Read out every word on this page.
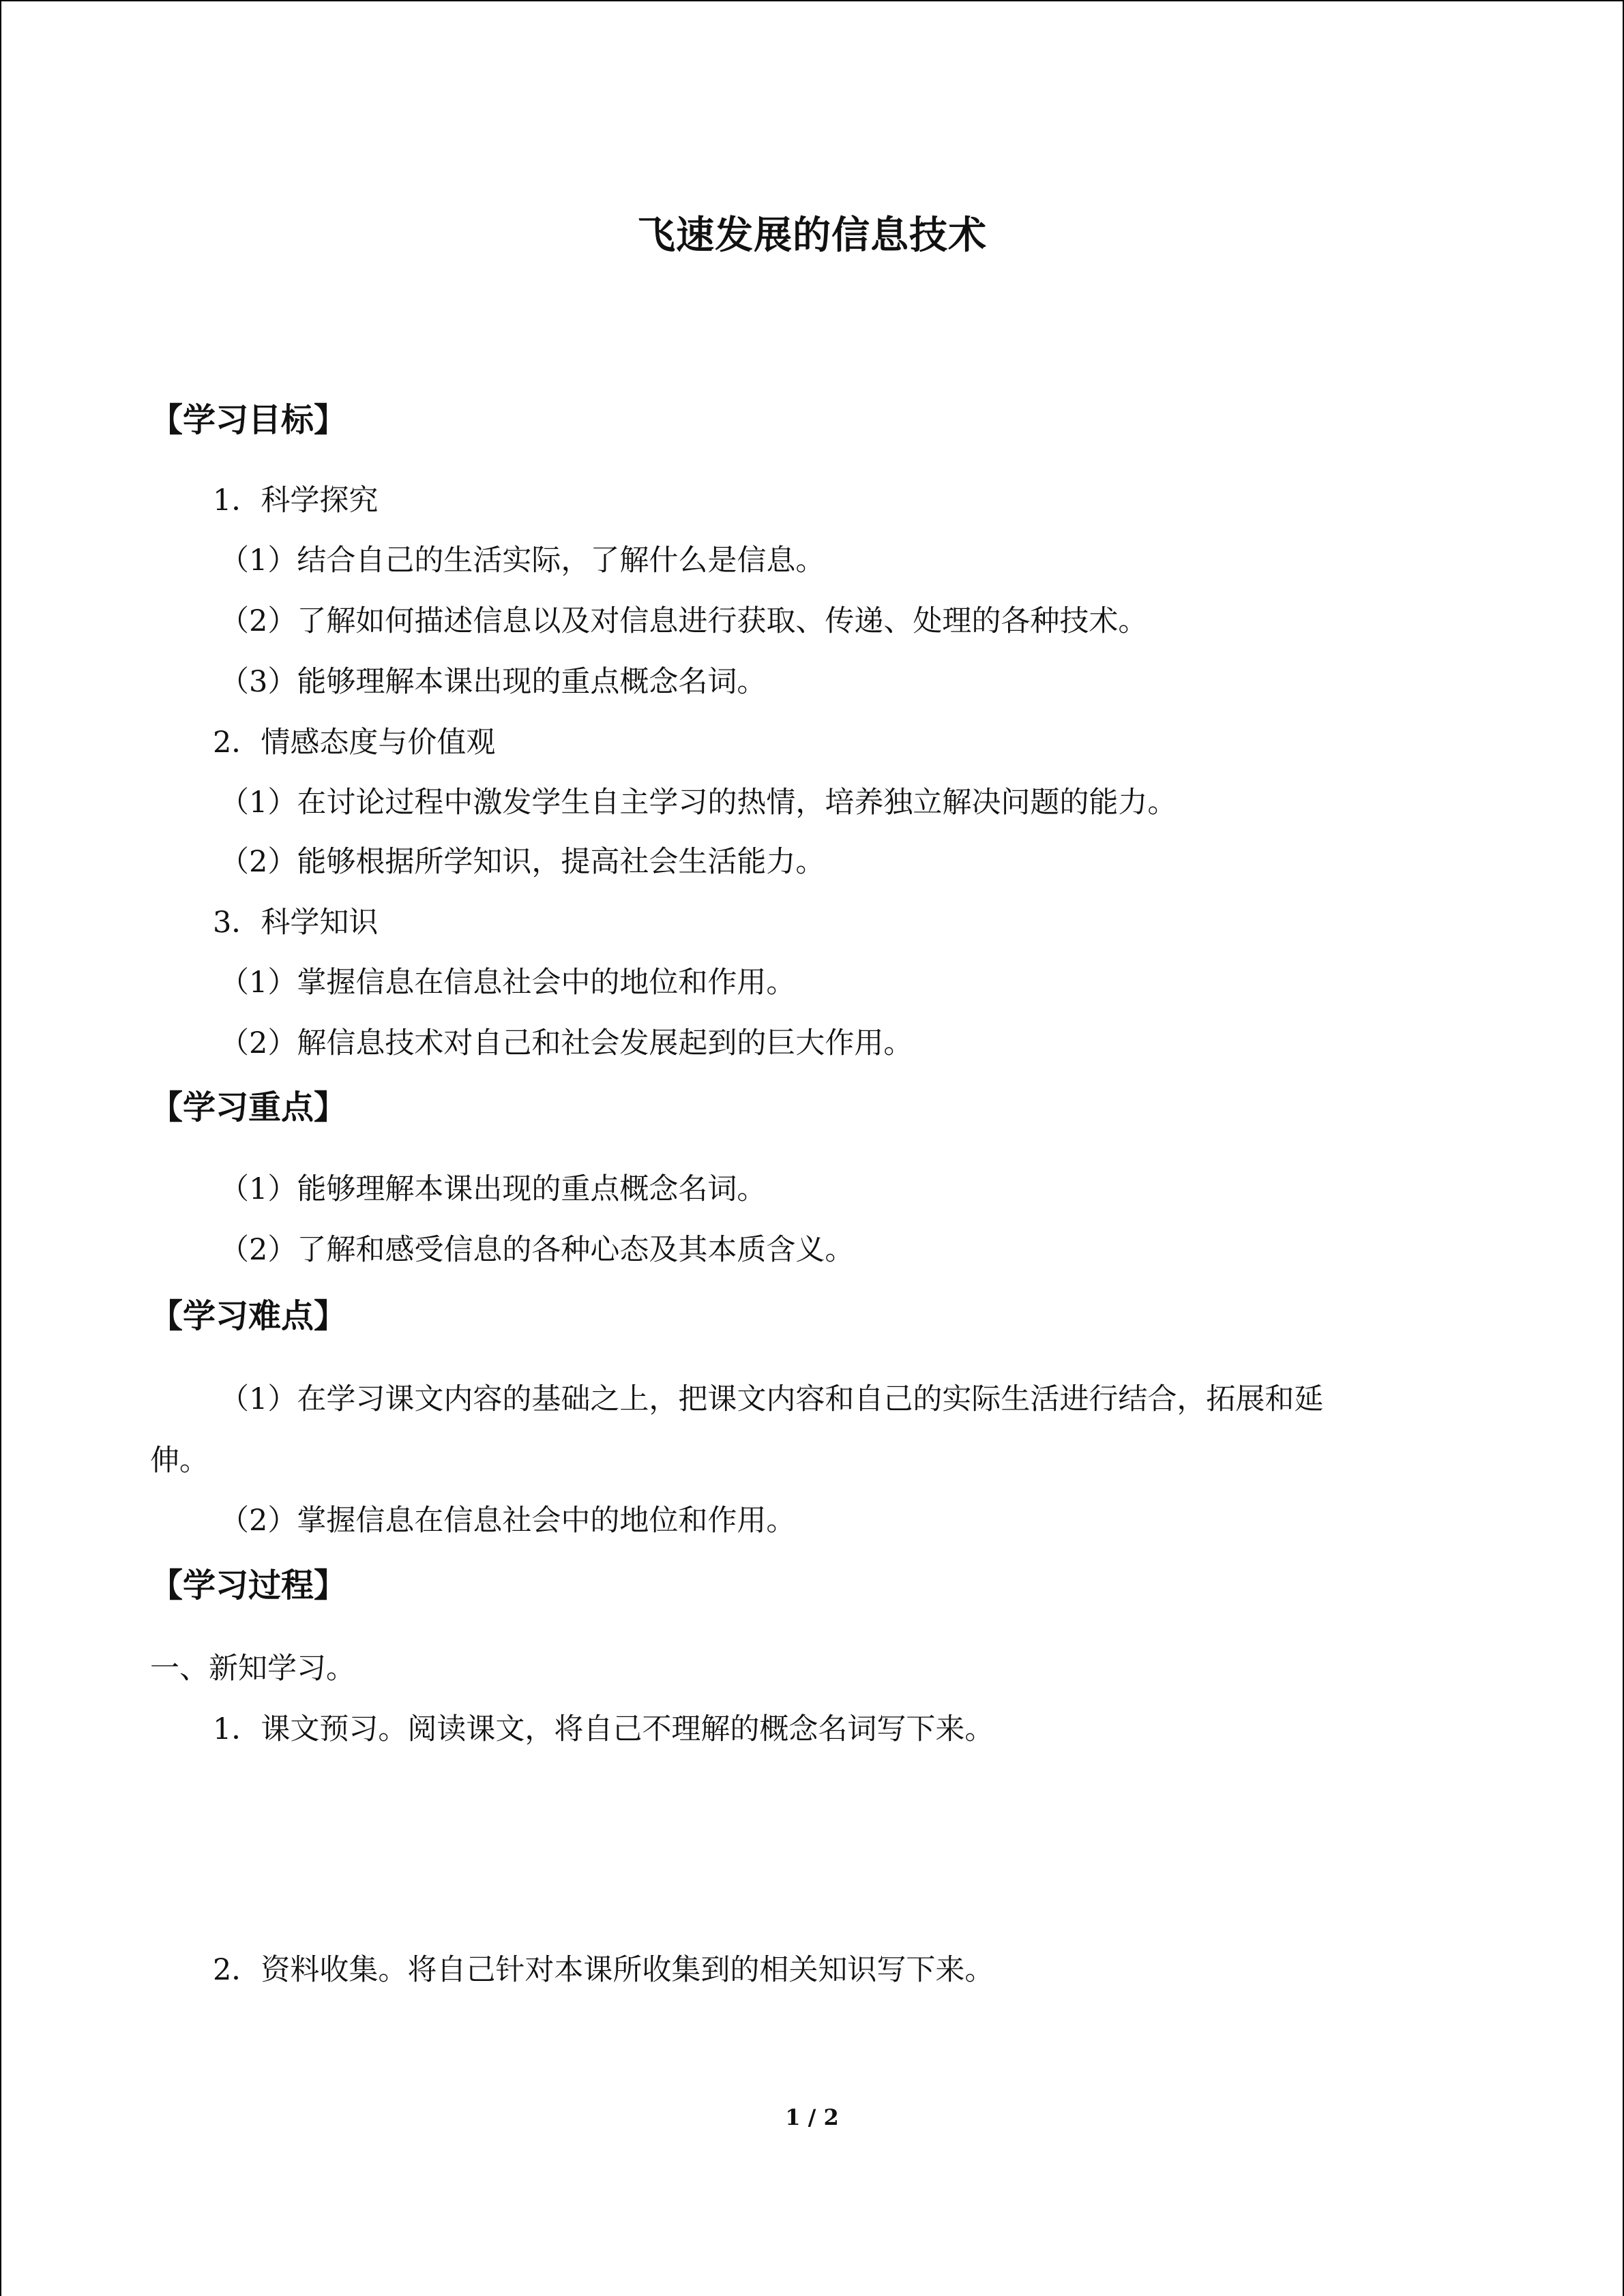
飞速发展的信息技术
【学习目标】
1．科学探究
（1）结合自己的生活实际，了解什么是信息。
（2）了解如何描述信息以及对信息进行获取、传递、处理的各种技术。
（3）能够理解本课出现的重点概念名词。
2．情感态度与价值观
（1）在讨论过程中激发学生自主学习的热情，培养独立解决问题的能力。
（2）能够根据所学知识，提高社会生活能力。
3．科学知识
（1）掌握信息在信息社会中的地位和作用。
（2）解信息技术对自己和社会发展起到的巨大作用。
【学习重点】
（1）能够理解本课出现的重点概念名词。
（2）了解和感受信息的各种心态及其本质含义。
【学习难点】
（1）在学习课文内容的基础之上，把课文内容和自己的实际生活进行结合，拓展和延
伸。
（2）掌握信息在信息社会中的地位和作用。
【学习过程】
一、新知学习。
1．课文预习。阅读课文，将自己不理解的概念名词写下来。
2．资料收集。将自己针对本课所收集到的相关知识写下来。
1 / 2
